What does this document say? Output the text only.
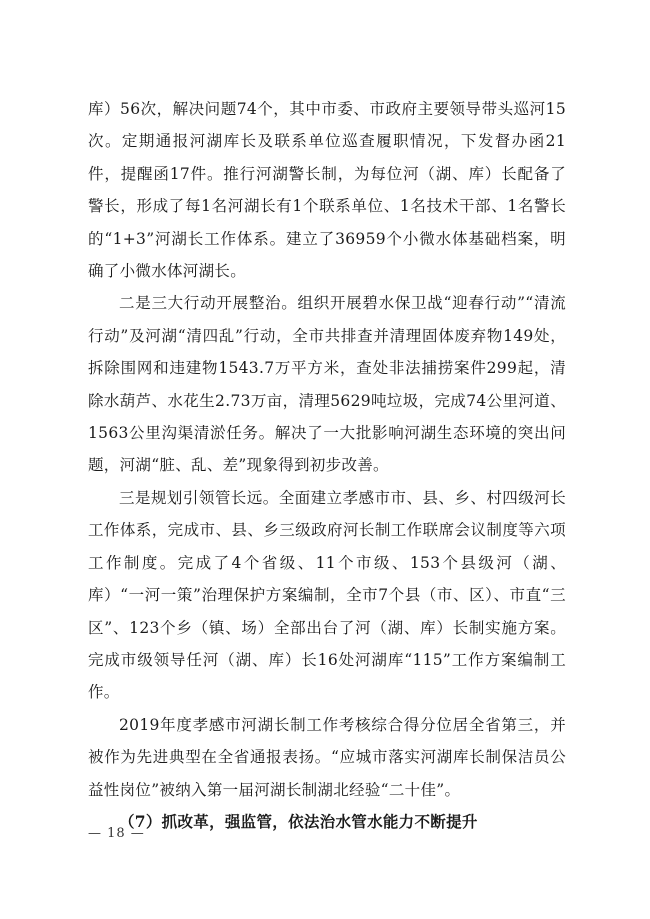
库）56次，解决问题74个，其中市委、市政府主要领导带头巡河15次。定期通报河湖库长及联系单位巡查履职情况，下发督办函21件，提醒函17件。推行河湖警长制，为每位河（湖、库）长配备了警长，形成了每1名河湖长有1个联系单位、1名技术干部、1名警长的“1+3”河湖长工作体系。建立了36959个小微水体基础档案，明确了小微水体河湖长。

二是三大行动开展整治。组织开展碧水保卫战“迎春行动”“清流行动”及河湖“清四乱”行动，全市共排查并清理固体废弃物149处，拆除围网和违建物1543.7万平方米，查处非法捕捞案件299起，清除水葫芦、水花生2.73万亩，清理5629吨垃圾，完成74公里河道、1563公里沟渠清淤任务。解决了一大批影响河湖生态环境的突出问题，河湖“脏、乱、差”现象得到初步改善。

三是规划引领管长远。全面建立孝感市市、县、乡、村四级河长工作体系，完成市、县、乡三级政府河长制工作联席会议制度等六项工作制度。完成了4个省级、11个市级、153个县级河（湖、库）“一河一策”治理保护方案编制，全市7个县（市、区）、市直“三区”、123个乡（镇、场）全部出台了河（湖、库）长制实施方案。完成市级领导任河（湖、库）长16处河湖库“115”工作方案编制工作。

2019年度孝感市河湖长制工作考核综合得分位居全省第三，并被作为先进典型在全省通报表扬。“应城市落实河湖库长制保洁员公益性岗位”被纳入第一届河湖长制湖北经验“二十佳”。

（7）抓改革，强监管，依法治水管水能力不断提升

— 18 —
